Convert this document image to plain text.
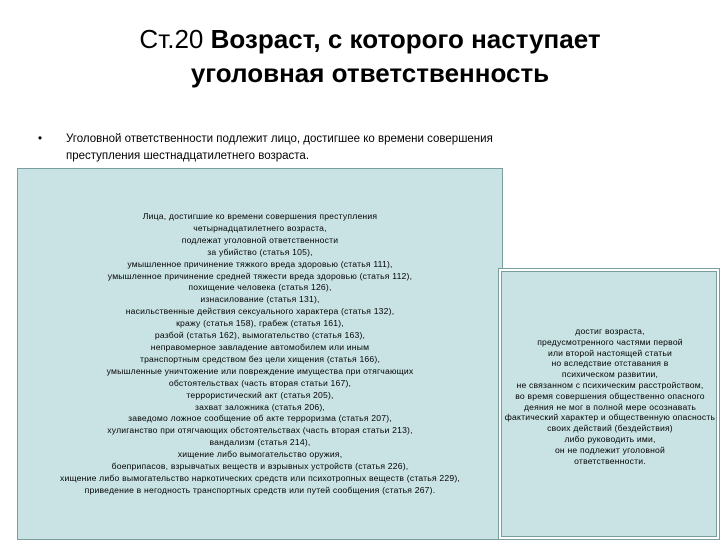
Ст.20 Возраст, с которого наступает
уголовная ответственность
• Уголовной ответственности подлежит лицо, достигшее ко времени совершения
преступления шестнадцатилетнего возраста.
Лица, достигшие ко времени совершения преступления
четырнадцатилетнего возраста,
подлежат уголовной ответственности
за убийство (статья 105),
умышленное причинение тяжкого вреда здоровью (статья 111),
умышленное причинение средней тяжести вреда здоровью (статья 112),
похищение человека (статья 126),
изнасилование (статья 131),
насильственные действия сексуального характера (статья 132),
кражу (статья 158), грабеж (статья 161),
разбой (статья 162), вымогательство (статья 163),
неправомерное завладение автомобилем или иным
транспортным средством без цели хищения (статья 166),
умышленные уничтожение или повреждение имущества при отягчающих
обстоятельствах (часть вторая статьи 167),
террористический акт (статья 205),
захват заложника (статья 206),
заведомо ложное сообщение об акте терроризма (статья 207),
хулиганство при отягчающих обстоятельствах (часть вторая статьи 213),
вандализм (статья 214),
хищение либо вымогательство оружия,
боеприпасов, взрывчатых веществ и взрывных устройств (статья 226),
хищение либо вымогательство наркотических средств или психотропных веществ (статья 229),
приведение в негодность транспортных средств или путей сообщения (статья 267).
достиг возраста,
предусмотренного частями первой
или второй настоящей статьи
но вследствие отставания в
психическом развитии,
не связанном с психическим расстройством,
во время совершения общественно опасного
деяния не мог в полной мере осознавать
фактический характер и общественную опасность
своих действий (бездействия)
либо руководить ими,
он не подлежит уголовной
ответственности.
